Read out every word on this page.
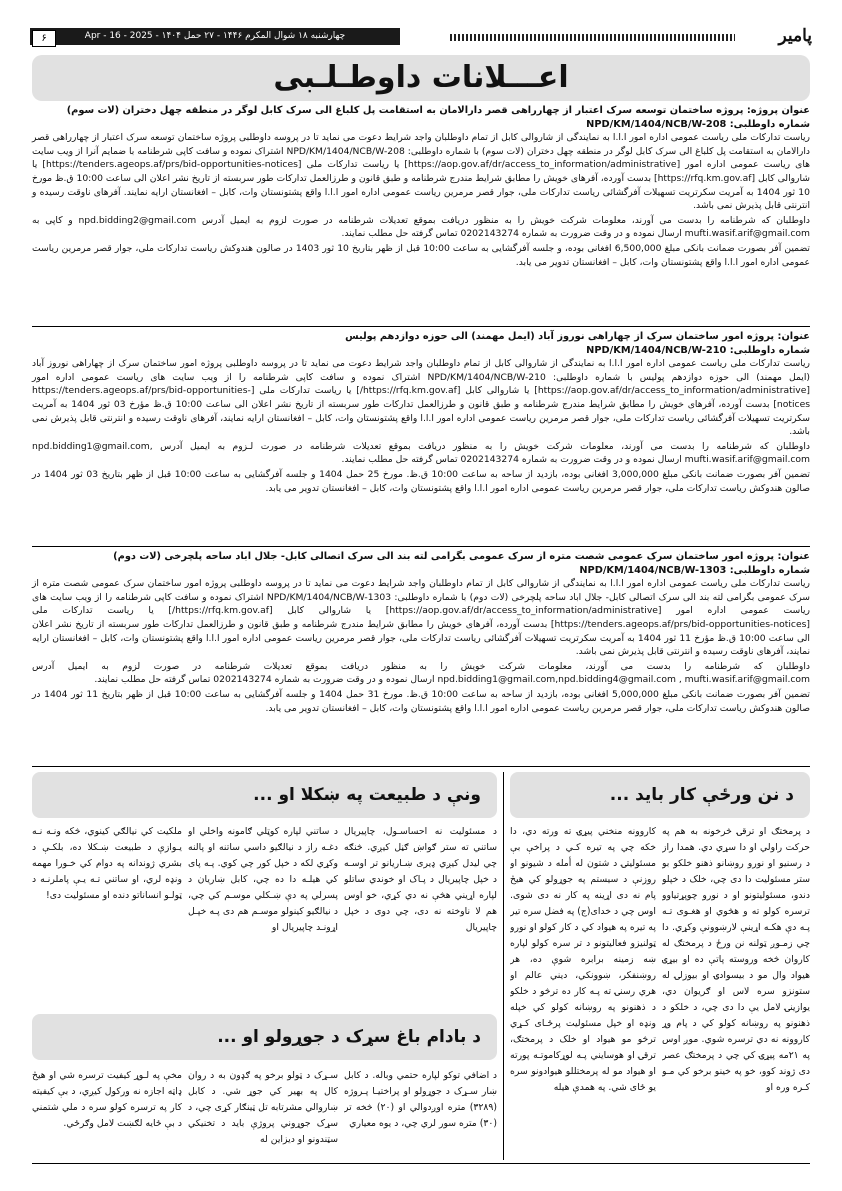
پامیر
چهارشنبه ۱۸ شوال المکرم ۱۴۴۶ - ۲۷ حمل ۱۴۰۴ - Apr - 16 - 2025
۶
اعـــلانات داوطـلـبی
عنوان پروژه: پروژه ساختمان توسعه سرک اعتبار از چهارراهی قصر دارالامان به استقامت پل کلباغ الی سرک کابل لوگر در منطقه چهل دختران (لات سوم)
شماره داوطلبی: NPD/KM/1404/NCB/W-208

ریاست تدارکات ملی ریاست عمومی اداره امور ا.ا.ا به نمایندگی از شاروالی کابل از تمام داوطلبان واجد شرایط دعوت می نماید تا در پروسه داوطلبی پروژه ساختمان توسعه سرک اعتبار از چهارراهی قصر دارالامان به استقامت پل کلباغ الی سرک کابل لوگر در منطقه چهل دختران (لات سوم) با شماره داوطلبی: NPD/KM/1404/NCB/W-208 اشتراک نموده و سافت کاپی شرطنامه با ضمایم آنرا از ویب سایت های ریاست عمومی اداره امور [https://aop.gov.af/dr/access_to_information/administrative] یا ریاست تدارکات ملی [https://tenders.ageops.af/prs/bid-opportunities-notices] یا شاروالی کابل [https://rfq.km.gov.af] بدست آورده، آفرهای خویش را مطابق شرایط مندرج شرطنامه و طبق قانون و طرزالعمل تدارکات طور سربسته از تاریخ نشر اعلان الی ساعت 10:00 ق.ظ مورخ 10 ثور 1404 به آمریت سکرتریت تسهیلات آفرگشائی ریاست تدارکات ملی، جوار قصر مرمرین ریاست عمومی اداره امور ا.ا.ا واقع پشتونستان وات، کابل – افغانستان ارایه نمایند. آفرهای ناوقت رسیده و انترنتی قابل پذیرش نمی باشد.

داوطلبان که شرطنامه را بدست می آورند، معلومات شرکت خویش را به منظور دریافت بموقع تعدیلات شرطنامه در صورت لزوم به ایمیل آدرس npd.bidding2@gmail.com و کاپی به mufti.wasif.arif@gmail.com ارسال نموده و در وقت ضرورت به شماره 0202143274 تماس گرفته حل مطلب نمایند.

تضمین آفر بصورت ضمانت بانکی مبلغ 6,500,000 افغانی بوده، و جلسه آفرگشایی به ساعت 10:00 قبل از ظهر بتاریخ 10 ثور 1403 در صالون هندوکش ریاست تدارکات ملی، جوار قصر مرمرین ریاست عمومی اداره امور ا.ا.ا واقع پشتونستان وات، کابل – افغانستان تدویر می یابد.

عنوان: پروژه امور ساختمان سرک از چهاراهی نوروز آباد (ایمل مهمند) الی حوزه دوازدهم پولیس
شماره داوطلبی: NPD/KM/1404/NCB/W-210

ریاست تدارکات ملی ریاست عمومی اداره امور ا.ا.ا به نمایندگی از شاروالی کابل از تمام داوطلبان واجد شرایط دعوت می نماید تا در پروسه داوطلبی پروژه امور ساختمان سرک از چهاراهی نوروز آباد (ایمل مهمند) الی حوزه دوازدهم پولیس با شماره داوطلبی: NPD/KM/1404/NCB/W-210 اشتراک نموده و سافت کاپی شرطنامه را از ویب سایت های ریاست عمومی اداره امور [https://aop.gov.af/dr/access_to_information/administrative] یا شاروالی کابل [https://rfq.km.gov.af/] یا ریاست تدارکات ملی [https://tenders.ageops.af/prs/bid-opportunities-notices] بدست آورده، آفرهای خویش را مطابق شرایط مندرج شرطنامه و طبق قانون و طرزالعمل تدارکات طور سربسته از تاریخ نشر اعلان الی ساعت 10:00 ق.ظ مؤرخ 03 ثور 1404 به آمریت سکرتریت تسهیلات آفرگشائی ریاست تدارکات ملی، جوار قصر مرمرین ریاست عمومی اداره امور ا.ا.ا واقع پشتونستان وات، کابل – افغانستان ارایه نمایند، آفرهای ناوقت رسیده و انترنتی قابل پذیرش نمی باشد.

داوطلبان که شرطنامه را بدست می آورند، معلومات شرکت خویش را به منظور دریافت بموقع تعدیلات شرطنامه در صورت لـزوم به ایمیل آدرس npd.bidding1@gmail.com, mufti.wasif.arif@gmail.com ارسال نموده و در وقت ضرورت به شماره 0202143274 تماس گرفته حل مطلب نمایند.

تضمین آفر بصورت ضمانت بانکی مبلغ 3,000,000 افغانی بوده، بازدید از ساحه به ساعت 10:00 ق.ظ. مورخ 25 حمل 1404 و جلسه آفرگشایی به ساعت 10:00 قبل از ظهر بتاریخ 03 ثور 1404 در صالون هندوکش ریاست تدارکات ملی، جوار قصر مرمرین ریاست عمومی اداره امور ا.ا.ا واقع پشتونستان وات، کابل – افغانستان تدویر می یابد.

عنوان: پروژه امور ساختمان سرک عمومی شصت متره از سرک عمومی بگرامی لته بند الی سرک اتصالی کابل- جلال اباد ساحه پلچرخی (لات دوم)
شماره داوطلبی: NPD/KM/1404/NCB/W-1303

ریاست تدارکات ملی ریاست عمومی اداره امور ا.ا.ا به نمایندگی از شاروالی کابل از تمام داوطلبان واجد شرایط دعوت می نماید تا در پروسه داوطلبی پروژه امور ساختمان سرک عمومی شصت متره از سرک عمومی بگرامی لته بند الی سرک اتصالی کابل- جلال اباد ساحه پلچرخی (لات دوم) با شماره داوطلبی: NPD/KM/1404/NCB/W-1303 اشتراک نموده و سافت کاپی شرطنامه را از ویب سایت های ریاست عمومی اداره امور [https://aop.gov.af/dr/access_to_information/administrative] یا شاروالی کابل [https://rfq.km.gov.af/] یا ریاست تدارکات ملی [https://tenders.ageops.af/prs/bid-opportunities-notices] بدست آورده، آفرهای خویش را مطابق شرایط مندرج شرطنامه و طبق قانون و طرزالعمل تدارکات طور سربسته از تاریخ نشر اعلان الی ساعت 10:00 ق.ظ مؤرخ 11 ثور 1404 به آمریت سکرتریت تسهیلات آفرگشائی ریاست تدارکات ملی، جوار قصر مرمرین ریاست عمومی اداره امور ا.ا.ا واقع پشتونستان وات، کابل – افغانستان ارایه نمایند، آفرهای ناوقت رسیده و انترنتی قابل پذیرش نمی باشد.

داوطلبان که شرطنامه را بدست می آورند، معلومات شرکت خویش را به منظور دریافت بموقع تعدیلات شرطنامه در صورت لزوم به ایمیل آدرس npd.bidding1@gmail.com,npd.bidding4@gmail.com , mufti.wasif.arif@gmail.com ارسال نموده و در وقت ضرورت به شماره 0202143274 تماس گرفته حل مطلب نمایند.

تضمین آفر بصورت ضمانت بانکی مبلغ 5,000,000 افغانی بوده، بازدید از ساحه به ساعت 10:00 ق.ظ. مورخ 31 حمل 1404 و جلسه آفرگشایی به ساعت 10:00 قبل از ظهر بتاریخ 11 ثور 1404 در صالون هندوکش ریاست تدارکات ملی، جوار قصر مرمرین ریاست عمومی اداره امور ا.ا.ا واقع پشتونستان وات، کابل – افغانستان تدویر می یابد.

د نن ورځې کار باید ...
د پرمختګ او ترقۍ څرخونه به هم په حرکت راولي او دا سړي دي. همدا راز د رسنیو او نورو روښانو ذهنو خلکو بو ستر مسئولیت دا دی چي، خلک د خپلو دندو، مسئولیتونو او د نورو چوپړتیاوو ترسره کولو ته و هڅوي او هغـوی تـه پـه دې هکـه اړینې لارښوونې وکړي. دا چي زمـوږ ټولنه نن ورځ د پرمختګ له کاروان څخه وروسته پاتې ده او بیړۍ هیواد وال مو د بیسوادۍ او بیوزلۍ له ستونزو سره لاس او ګریوان دي، یوازینۍ لامل یې دا دی چي، د خلکو د ذهنونو په روښانه کولو کي د پام وړ کاروونه نه دي ترسره شوي. موږ اوس په ۲۱مه پیړۍ کي چي د پرمختګ عصر دی ژوند کوو، خو په خینو برخو کي مـو کـره وره او
کاروونه منخني پیړۍ ته ورته دي، دا خکه چي په تیره کـي د پراخې بې مسئولیتۍ د شتون له أمله د شیونو او روزنې د سیستم په جوړولو کي هیڅ پام نه دی اړینه په کار نه دی شوی. اوس چي د خدای(ج) په فضل سره تیر په تیره په هیواد کي د کار کولو او نورو ټولنیزو فعالیتونو د تر سره کولو لپاره ښه زمینه برابره شوې ده، هر روښنفکر، ښوونکي، دیني عالم او هري رسنۍ ته پـه کار ده ترڅو د خلکو د ذهنونو په روښانه کولو کي خپله ونډه او خپل مسئولیت پرځـای کـړي ترڅو مو هیواد او خلک د پرمختګ، ترقۍ او هوسایني پـه لوړکاموتـه پورته او هیواد مو له پرمختللو هیوادونو سره یو ځای شي. په همدې هیله
ونې د طبیعت په ښکلا او ...
د مسئولیت نه احساسـول، چاپیریال ساتني ته ستر ګواښ ګڼل کیږي. څنګه چي لیدل کیږي ډیری ښـاریانو تر اوسـه د خپل چاپیریال د پـاک او خوندي ساتلو لپاره اړیني هڅې نه دي کړي، خو اوس هم لا ناوخته نه دی، چي دوی د خپل چاپیریال
د ساتني لپاره کوټلي ګامونه واخلي او دغـه راز د نیالګیو داسي ساتنه او پالنه وکړي لکه د خپل کور چي کوي. پـه پای کي هیلـه دا ده چي، کابل ښاریان د پسرلي په دې ښـکلي موسـم کي چي، د نیالګیو کینولو موسـم هم دی پـه خپـل اړونـد چاپیریال او
ملکیت کي نیالګي کینوي، څکه ونـه نـه یـوازې د طبیعت ښـکلا ده، بلکـې د بشري ژوندانه په دوام کي خـورا مهمه ونډه لري، او ساتني تـه یـې پاملرنـه د ټولـو انساناتو دنده او مسئولیت دی!
د بادام باغ سړک د جوړولو او ...
د اضافي توکو لپاره حتمي وباله. د کابل ښار سـړک د جوړولو او پراختیـا پـروژه (۳۲۸۹) متره اوږدوالي او (۲۰) څخه تر (۳۰) متره سور لري چي، د یوه معیاري
سـړک د ټولو برخو په ګډون به د روان کال په بهیر کي جوړ شي. د کابل ښاروالي مشرتابه تل ټینګار کړی چي، د سړک جوړوني پروژې باید د تخنیکي سټندونو او دیزاین له
مخې په لـوړ کیفیت ترسره شي او هیڅ ډاټه اجازه نه ورکول کیږي، د بې کیفیته کار په ترسره کولو سره د ملي شتمني د بې ځایه لګښت لامل وګرځي.
